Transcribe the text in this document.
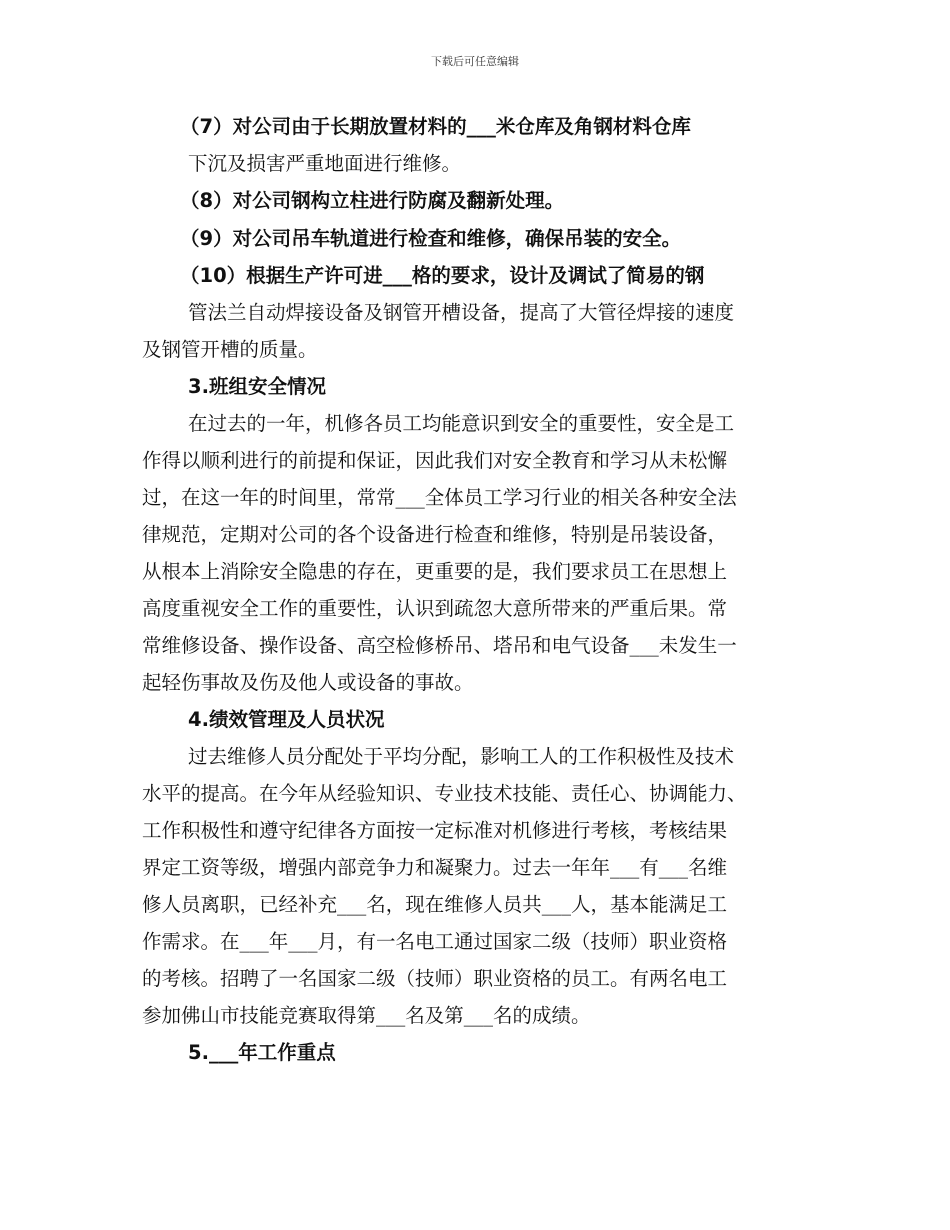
下载后可任意编辑
（7）对公司由于长期放置材料的___米仓库及角钢材料仓库
下沉及损害严重地面进行维修。
（8）对公司钢构立柱进行防腐及翻新处理。
（9）对公司吊车轨道进行检查和维修，确保吊装的安全。
（10）根据生产许可进___格的要求，设计及调试了简易的钢
管法兰自动焊接设备及钢管开槽设备，提高了大管径焊接的速度
及钢管开槽的质量。
3.班组安全情况
在过去的一年，机修各员工均能意识到安全的重要性，安全是工
作得以顺利进行的前提和保证，因此我们对安全教育和学习从未松懈
过，在这一年的时间里，常常___全体员工学习行业的相关各种安全法
律规范，定期对公司的各个设备进行检查和维修，特别是吊装设备，
从根本上消除安全隐患的存在，更重要的是，我们要求员工在思想上
高度重视安全工作的重要性，认识到疏忽大意所带来的严重后果。常
常维修设备、操作设备、高空检修桥吊、塔吊和电气设备___未发生一
起轻伤事故及伤及他人或设备的事故。
4.绩效管理及人员状况
过去维修人员分配处于平均分配，影响工人的工作积极性及技术
水平的提高。在今年从经验知识、专业技术技能、责任心、协调能力、
工作积极性和遵守纪律各方面按一定标准对机修进行考核，考核结果
界定工资等级，增强内部竞争力和凝聚力。过去一年年___有___名维
修人员离职，已经补充___名，现在维修人员共___人，基本能满足工
作需求。在___年___月，有一名电工通过国家二级（技师）职业资格
的考核。招聘了一名国家二级（技师）职业资格的员工。有两名电工
参加佛山市技能竞赛取得第___名及第___名的成绩。
5.___年工作重点
